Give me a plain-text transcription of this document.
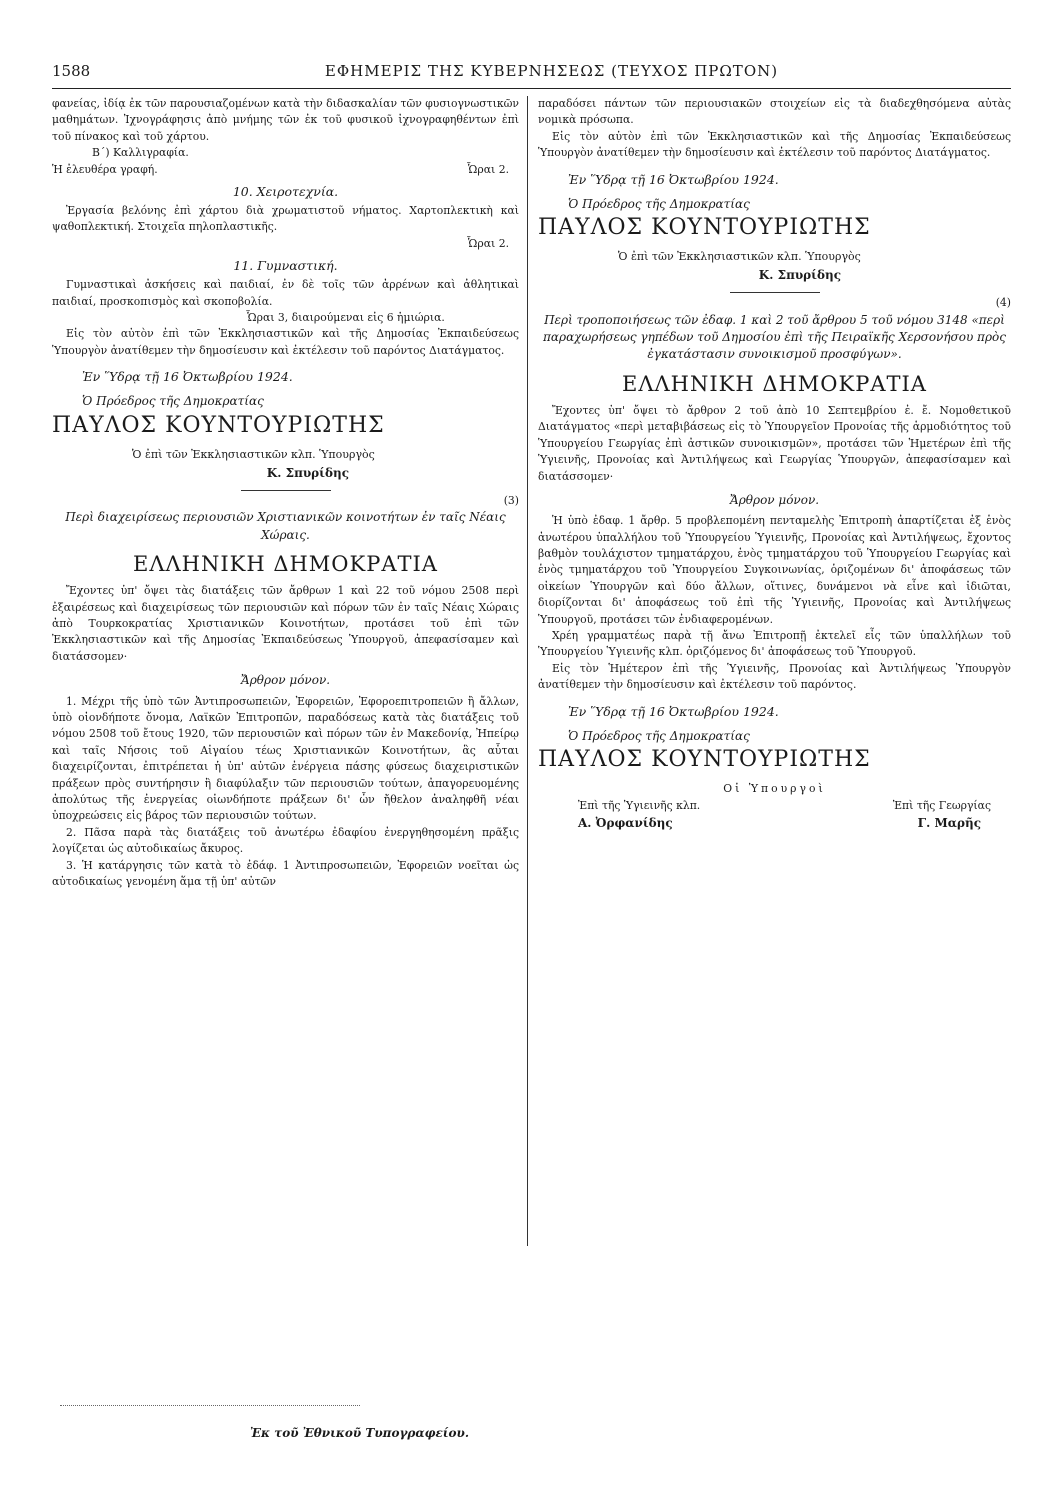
1588	ΕΦΗΜΕΡΙΣ ΤΗΣ ΚΥΒΕΡΝΗΣΕΩΣ (ΤΕΥΧΟΣ ΠΡΩΤΟΝ)

φανείας, ἰδίᾳ ἐκ τῶν παρουσιαζομένων κατὰ τὴν διδασκαλίαν τῶν φυσιογνωστικῶν μαθημάτων. Ἰχνογράφησις ἀπὸ μνήμης τῶν ἐκ τοῦ φυσικοῦ ἰχνογραφηθέντων ἐπὶ τοῦ πίνακος καὶ τοῦ χάρτου.

Β΄) Καλλιγραφία.

Ἡ ἐλευθέρα γραφή.	Ὧραι 2.

10. Χειροτεχνία.

Ἐργασία βελόνης ἐπὶ χάρτου διὰ χρωματιστοῦ νήματος. Χαρτοπλεκτικὴ καὶ ψαθοπλεκτική. Στοιχεῖα πηλοπλαστικῆς.

Ὧραι 2.

11. Γυμναστική.

Γυμναστικαὶ ἀσκήσεις καὶ παιδιαί, ἐν δὲ τοῖς τῶν ἀρρένων καὶ ἀθλητικαὶ παιδιαί, προσκοπισμὸς καὶ σκοποβολία.

Ὧραι 3, διαιρούμεναι εἰς 6 ἡμιώρια.

Εἰς τὸν αὐτὸν ἐπὶ τῶν Ἐκκλησιαστικῶν καὶ τῆς Δημοσίας Ἐκπαιδεύσεως Ὑπουργὸν ἀνατίθεμεν τὴν δημοσίευσιν καὶ ἐκτέλεσιν τοῦ παρόντος Διατάγματος.

Ἐν Ὕδρᾳ τῇ 16 Ὀκτωβρίου 1924.

Ὁ Πρόεδρος τῆς Δημοκρατίας

ΠΑΥΛΟΣ ΚΟΥΝΤΟΥΡΙΩΤΗΣ

Ὁ ἐπὶ τῶν Ἐκκλησιαστικῶν κλπ. Ὑπουργὸς

Κ. Σπυρίδης

(3)

Περὶ διαχειρίσεως περιουσιῶν Χριστιανικῶν κοινοτήτων ἐν ταῖς Νέαις Χώραις.

ΕΛΛΗΝΙΚΗ ΔΗΜΟΚΡΑΤΙΑ

Ἔχοντες ὑπ' ὄψει τὰς διατάξεις τῶν ἄρθρων 1 καὶ 22 τοῦ νόμου 2508 περὶ ἐξαιρέσεως καὶ διαχειρίσεως τῶν περιουσιῶν καὶ πόρων τῶν ἐν ταῖς Νέαις Χώραις ἀπὸ Τουρκοκρατίας Χριστιανικῶν Κοινοτήτων, προτάσει τοῦ ἐπὶ τῶν Ἐκκλησιαστικῶν καὶ τῆς Δημοσίας Ἐκπαιδεύσεως Ὑπουργοῦ, ἀπεφασίσαμεν καὶ διατάσσομεν·

Ἄρθρον μόνον.

1. Μέχρι τῆς ὑπὸ τῶν Ἀντιπροσωπειῶν, Ἐφορειῶν, Ἐφοροεπιτροπειῶν ἢ ἄλλων, ὑπὸ οἱονδήποτε ὄνομα, Λαϊκῶν Ἐπιτροπῶν, παραδόσεως κατὰ τὰς διατάξεις τοῦ νόμου 2508 τοῦ ἔτους 1920, τῶν περιουσιῶν καὶ πόρων τῶν ἐν Μακεδονίᾳ, Ἠπείρῳ καὶ ταῖς Νήσοις τοῦ Αἰγαίου τέως Χριστιανικῶν Κοινοτήτων, ἃς αὗται διαχειρίζονται, ἐπιτρέπεται ἡ ὑπ' αὐτῶν ἐνέργεια πάσης φύσεως διαχειριστικῶν πράξεων πρὸς συντήρησιν ἢ διαφύλαξιν τῶν περιουσιῶν τούτων, ἀπαγορευομένης ἀπολύτως τῆς ἐνεργείας οἱωνδήποτε πράξεων δι' ὧν ἤθελον ἀναληφθῆ νέαι ὑποχρεώσεις εἰς βάρος τῶν περιουσιῶν τούτων.

2. Πᾶσα παρὰ τὰς διατάξεις τοῦ ἀνωτέρω ἐδαφίου ἐνεργηθησομένη πρᾶξις λογίζεται ὡς αὐτοδικαίως ἄκυρος.

3. Ἡ κατάργησις τῶν κατὰ τὸ ἐδάφ. 1 Ἀντιπροσωπειῶν, Ἐφορειῶν νοεῖται ὡς αὐτοδικαίως γενομένη ἅμα τῇ ὑπ' αὐτῶν

παραδόσει πάντων τῶν περιουσιακῶν στοιχείων εἰς τὰ διαδεχθησόμενα αὐτὰς νομικὰ πρόσωπα.

Εἰς τὸν αὐτὸν ἐπὶ τῶν Ἐκκλησιαστικῶν καὶ τῆς Δημοσίας Ἐκπαιδεύσεως Ὑπουργὸν ἀνατίθεμεν τὴν δημοσίευσιν καὶ ἐκτέλεσιν τοῦ παρόντος Διατάγματος.

Ἐν Ὕδρᾳ τῇ 16 Ὀκτωβρίου 1924.

Ὁ Πρόεδρος τῆς Δημοκρατίας

ΠΑΥΛΟΣ ΚΟΥΝΤΟΥΡΙΩΤΗΣ

Ὁ ἐπὶ τῶν Ἐκκλησιαστικῶν κλπ. Ὑπουργὸς

Κ. Σπυρίδης

(4)

Περὶ τροποποιήσεως τῶν ἐδαφ. 1 καὶ 2 τοῦ ἄρθρου 5 τοῦ νόμου 3148 «περὶ παραχωρήσεως γηπέδων τοῦ Δημοσίου ἐπὶ τῆς Πειραϊκῆς Χερσονήσου πρὸς ἐγκατάστασιν συνοικισμοῦ προσφύγων».

ΕΛΛΗΝΙΚΗ ΔΗΜΟΚΡΑΤΙΑ

Ἔχοντες ὑπ' ὄψει τὸ ἄρθρον 2 τοῦ ἀπὸ 10 Σεπτεμβρίου ἐ. ἔ. Νομοθετικοῦ Διατάγματος «περὶ μεταβιβάσεως εἰς τὸ Ὑπουργεῖον Προνοίας τῆς ἁρμοδιότητος τοῦ Ὑπουργείου Γεωργίας ἐπὶ ἀστικῶν συνοικισμῶν», προτάσει τῶν Ἡμετέρων ἐπὶ τῆς Ὑγιεινῆς, Προνοίας καὶ Ἀντιλήψεως καὶ Γεωργίας Ὑπουργῶν, ἀπεφασίσαμεν καὶ διατάσσομεν·

Ἄρθρον μόνον.

Ἡ ὑπὸ ἐδαφ. 1 ἄρθρ. 5 προβλεπομένη πενταμελὴς Ἐπιτροπὴ ἀπαρτίζεται ἐξ ἑνὸς ἀνωτέρου ὑπαλλήλου τοῦ Ὑπουργείου Ὑγιεινῆς, Προνοίας καὶ Ἀντιλήψεως, ἔχοντος βαθμὸν τουλάχιστον τμηματάρχου, ἑνὸς τμηματάρχου τοῦ Ὑπουργείου Γεωργίας καὶ ἑνὸς τμηματάρχου τοῦ Ὑπουργείου Συγκοινωνίας, ὁριζομένων δι' ἀποφάσεως τῶν οἰκείων Ὑπουργῶν καὶ δύο ἄλλων, οἵτινες, δυνάμενοι νὰ εἶνε καὶ ἰδιῶται, διορίζονται δι' ἀποφάσεως τοῦ ἐπὶ τῆς Ὑγιεινῆς, Προνοίας καὶ Ἀντιλήψεως Ὑπουργοῦ, προτάσει τῶν ἐνδιαφερομένων.

Χρέη γραμματέως παρὰ τῇ ἄνω Ἐπιτροπῇ ἐκτελεῖ εἷς τῶν ὑπαλλήλων τοῦ Ὑπουργείου Ὑγιεινῆς κλπ. ὁριζόμενος δι' ἀποφάσεως τοῦ Ὑπουργοῦ.

Εἰς τὸν Ἡμέτερον ἐπὶ τῆς Ὑγιεινῆς, Προνοίας καὶ Ἀντιλήψεως Ὑπουργὸν ἀνατίθεμεν τὴν δημοσίευσιν καὶ ἐκτέλεσιν τοῦ παρόντος.

Ἐν Ὕδρᾳ τῇ 16 Ὀκτωβρίου 1924.

Ὁ Πρόεδρος τῆς Δημοκρατίας

ΠΑΥΛΟΣ ΚΟΥΝΤΟΥΡΙΩΤΗΣ

Οἱ Ὑπουργοὶ

Ἐπὶ τῆς Ὑγιεινῆς κλπ.	Ἐπὶ τῆς Γεωργίας
Α. Ὀρφανίδης	Γ. Μαρῆς
Ἐκ τοῦ Ἐθνικοῦ Τυπογραφείου.
